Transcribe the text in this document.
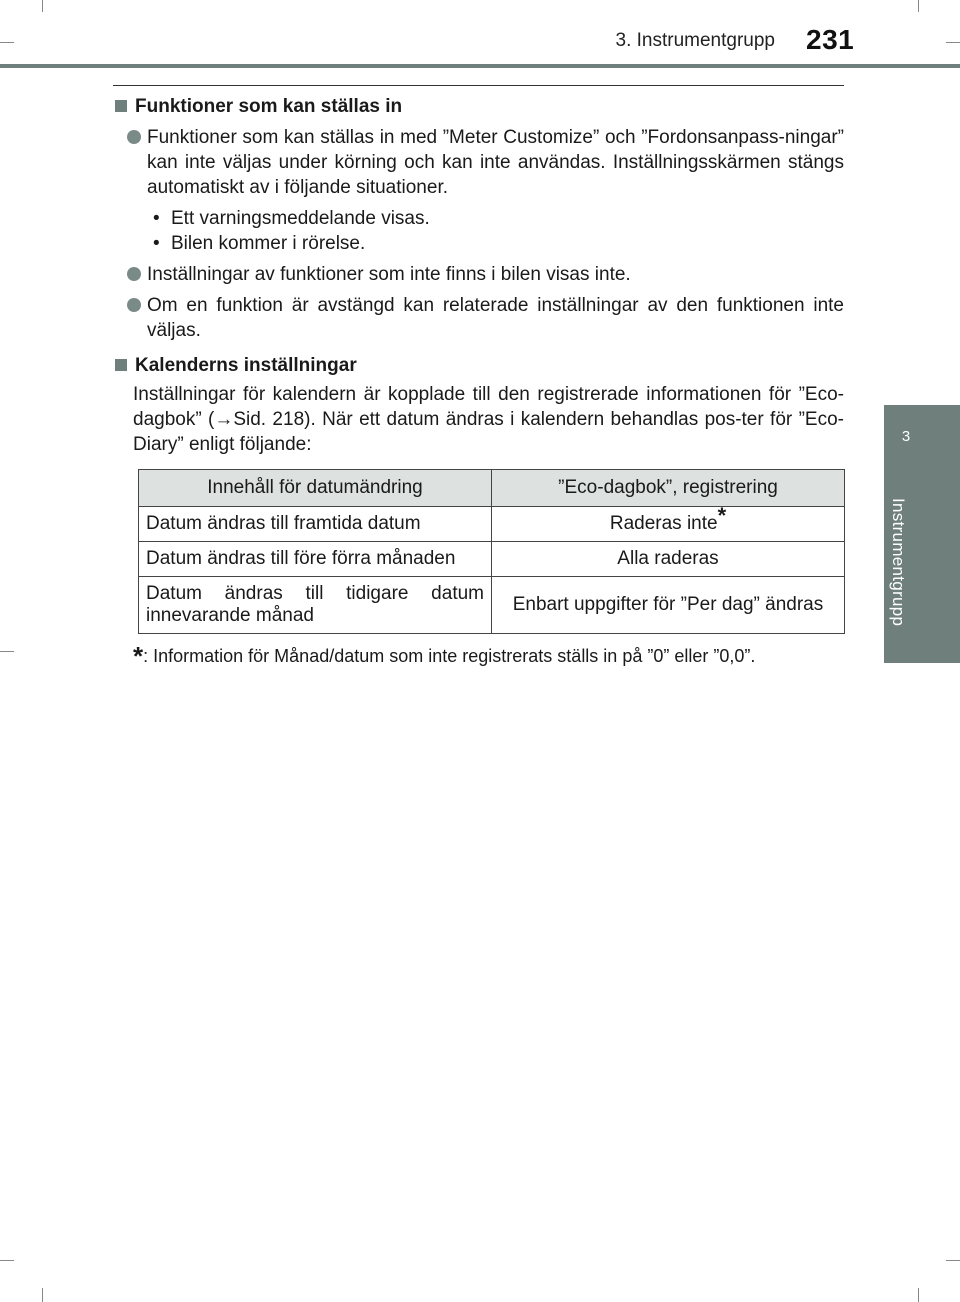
3. Instrumentgrupp 231
3
Instrumentgrupp
Funktioner som kan ställas in
Funktioner som kan ställas in med ”Meter Customize” och ”Fordonsanpass-ningar” kan inte väljas under körning och kan inte användas. Inställningsskärmen stängs automatiskt av i följande situationer.
• Ett varningsmeddelande visas.
• Bilen kommer i rörelse.
Inställningar av funktioner som inte finns i bilen visas inte.
Om en funktion är avstängd kan relaterade inställningar av den funktionen inte väljas.
Kalenderns inställningar
Inställningar för kalendern är kopplade till den registrerade informationen för ”Eco-dagbok” (→Sid. 218). När ett datum ändras i kalendern behandlas pos-ter för ”Eco-Diary” enligt följande:
Innehåll för datumändring	”Eco-dagbok”, registrering
Datum ändras till framtida datum	Raderas inte*
Datum ändras till före förra månaden	Alla raderas
Datum ändras till tidigare datum innevarande månad	Enbart uppgifter för ”Per dag” ändras
*: Information för Månad/datum som inte registrerats ställs in på ”0” eller ”0,0”.
